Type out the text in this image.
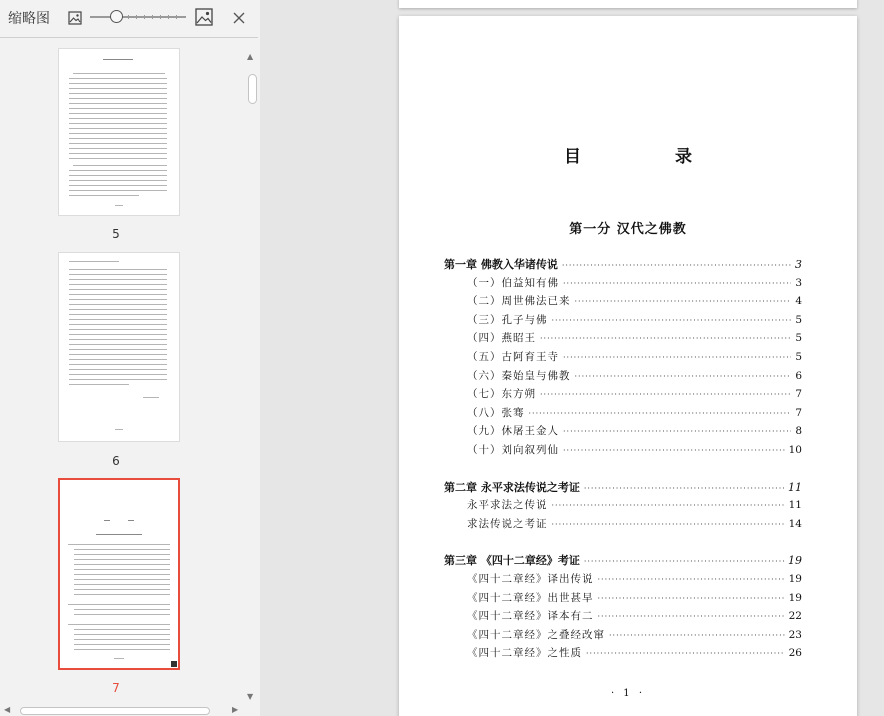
缩略图
5
6
7
▲
▼
◀	▶
目 录
第一分 汉代之佛教
第一章 佛教入华诸传说 ·····	3
（一）伯益知有佛 ·····	3
（二）周世佛法已来 ·····	4
（三）孔子与佛 ·····	5
（四）燕昭王 ·····	5
（五）古阿育王寺 ·····	5
（六）秦始皇与佛教 ·····	6
（七）东方朔 ·····	7
（八）张骞 ·····	7
（九）休屠王金人 ·····	8
（十）刘向叙列仙 ·····	10
第二章 永平求法传说之考证 ·····	11
永平求法之传说 ·····	11
求法传说之考证 ·····	14
第三章 《四十二章经》考证 ·····	19
《四十二章经》译出传说 ·····	19
《四十二章经》出世甚早 ·····	19
《四十二章经》译本有二 ·····	22
《四十二章经》之叠经改窜 ·····	23
《四十二章经》之性质 ·····	26
· 1 ·
